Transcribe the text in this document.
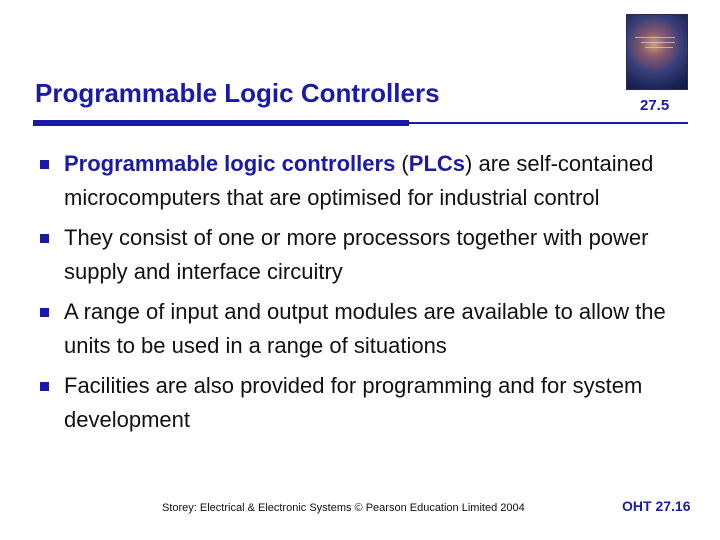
Programmable Logic Controllers	27.5
Programmable logic controllers (PLCs) are self-contained microcomputers that are optimised for industrial control
They consist of one or more processors together with power supply and interface circuitry
A range of input and output modules are available to allow the units to be used in a range of situations
Facilities are also provided for programming and for system development
Storey: Electrical & Electronic Systems © Pearson Education Limited 2004	OHT 27.16
